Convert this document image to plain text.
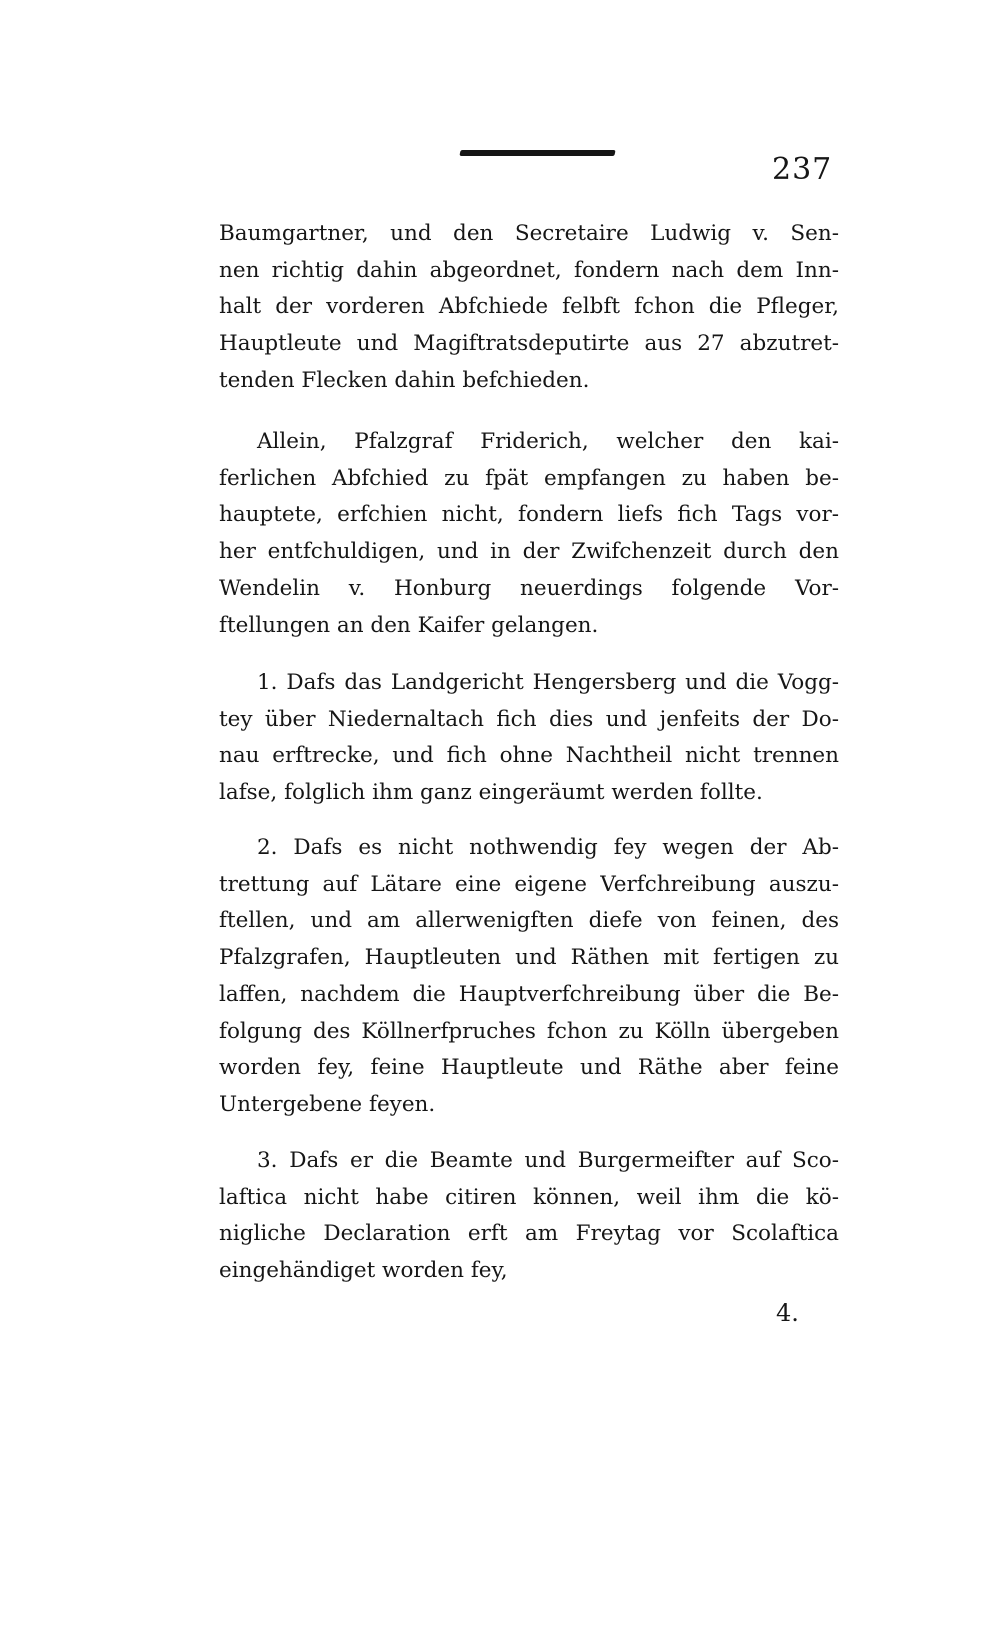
237

Baumgartner, und den Secretaire Ludwig v. Sen-
nen richtig dahin abgeordnet, fondern nach dem Inn-
halt der vorderen Abfchiede felbft fchon die Pfleger,
Hauptleute und Magiftratsdeputirte aus 27 abzutret-
tenden Flecken dahin befchieden.

Allein, Pfalzgraf Friderich, welcher den kai-
ferlichen Abfchied zu fpät empfangen zu haben be-
hauptete, erfchien nicht, fondern liefs fich Tags vor-
her entfchuldigen, und in der Zwifchenzeit durch den
Wendelin v. Honburg neuerdings folgende Vor-
ftellungen an den Kaifer gelangen.

1. Dafs das Landgericht Hengersberg und die Vogg-
tey über Niedernaltach fich dies und jenfeits der Do-
nau erftrecke, und fich ohne Nachtheil nicht trennen
lafse, folglich ihm ganz eingeräumt werden follte.

2. Dafs es nicht nothwendig fey wegen der Ab-
trettung auf Lätare eine eigene Verfchreibung auszu-
ftellen, und am allerwenigften diefe von feinen, des
Pfalzgrafen, Hauptleuten und Räthen mit fertigen zu
laffen, nachdem die Hauptverfchreibung über die Be-
folgung des Köllnerfpruches fchon zu Kölln übergeben
worden fey, feine Hauptleute und Räthe aber feine
Untergebene feyen.

3. Dafs er die Beamte und Burgermeifter auf Sco-
laftica nicht habe citiren können, weil ihm die kö-
nigliche Declaration erft am Freytag vor Scolaftica
eingehändiget worden fey,

4.
